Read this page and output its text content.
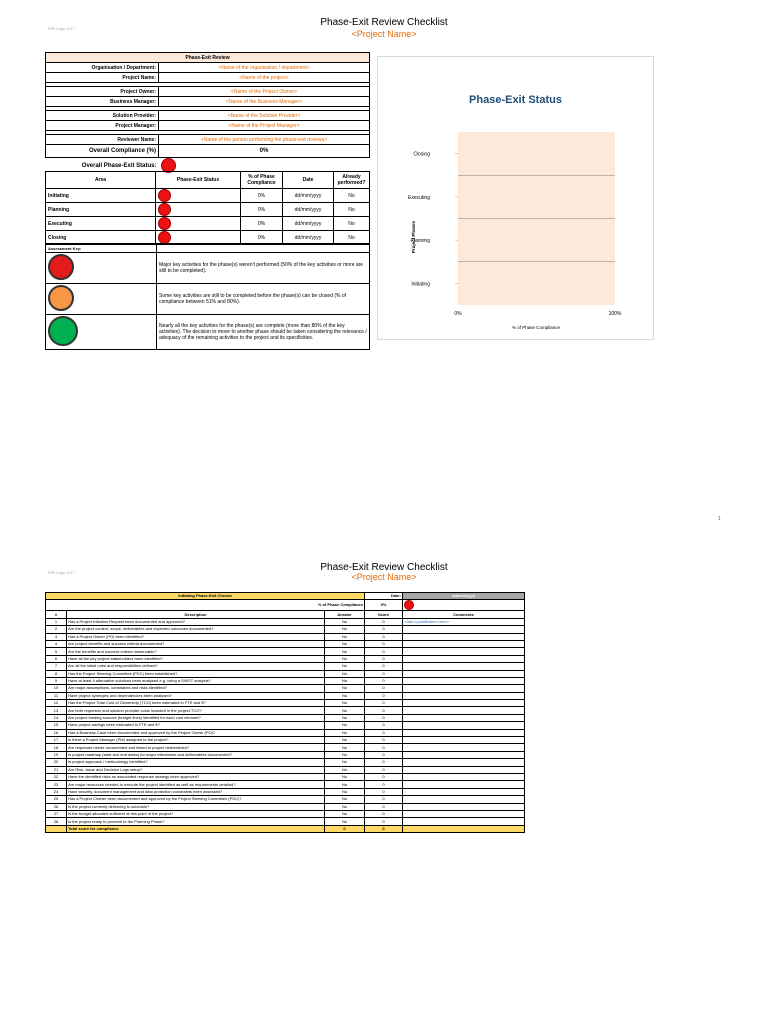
PMI Logo 2017
Phase-Exit Review Checklist
<Project Name>
Phase-Exit Review	
Organisation / Department:	<Name of the organisation / department>
Project Name:	<Name of the project>

Project Owner:	<Name of the Project Owner>
Business Manager:	<Name of the Business Manager>

Solution Provider:	<Name of the Solution Provider>
Project Manager:	<Name of the Project Manager>

Reviewer Name:	<Name of the person performing the phase-exit reviews>
Overall Compliance (%)	0%
Overall Phase-Exit Status:	
Area	Phase-Exit Status	% of Phase Compliance	Date	Already performed?
Initiating		0%	dd/mm/yyyy	No
Planning		0%	dd/mm/yyyy	No
Executing		0%	dd/mm/yyyy	No
Closing		0%	dd/mm/yyyy	No
Assessment Key:	
	Major key activities for the phase(s) weren't performed (50% of the key activities or more are still to be completed).
	Some key activities are still to be completed before the phase(s) can be closed (% of compliance between 51% and 80%).
	Nearly all the key activities for the phase(s) are complete (more than 80% of the key activities). The decision to move to another phase should be taken considering the relevance / adequacy of the remaining activities to the project and its specificities.
Phase-Exit Status
Closing
Executing
Planning
Initiating
0%	100%
Project Phases
% of Phase Compliance
1
PMI Logo 2017	Phase-Exit Review Checklist
<Project Name>
Initiating Phase-Exit Checks			Date:	dd/mm/yyyy
% of Phase Compliance			0%	
#	Description	Answer	Score	Comments
1	Has a Project Initiation Request been documented and approved?	No	0	<Add a justification here>
2	Are the project context, scope, deliverables and expected outcomes documented?	No	0	
3	Has a Project Owner (PO) been identified?	No	0	
4	Are project benefits and success criteria documented?	No	0	
5	Are the benefits and success criteria measurable?	No	0	
6	Have all the key project stakeholders been identified?	No	0	
7	Are all the initial roles and responsibilities defined?	No	0	
8	Has the Project Steering Committee (PSC) been established?	No	0	
9	Have at least 4 alternative solutions been analysed e.g. using a SWOT analysis?	No	0	
10	Are major assumptions, constraints and risks identified?	No	0	
11	Have project synergies and dependencies been analysed?	No	0	
12	Has the Project Total Cost of Ownership (TCO) been estimated in FTE and €?	No	0	
13	Are both requestor and solution provider costs included in the project TCO?	No	0	
14	Are project funding sources (budget lines) identified for each cost element?	No	0	
15	Have project savings been estimated in FTE and €?	No	0	
16	Has a Business Case been documented and approved by the Project Owner (PO)?	No	0	
17	Is there a Project Manager (PM) assigned to the project?	No	0	
18	Are requestor needs documented and linked to project deliverables?	No	0	
19	Is project roadmap (start and end dates) for major milestones and deliverables documented?	No	0	
20	Is project approach / methodology identified?	No	0	
21	Are Risk, Issue and Decision Logs setup?	No	0	
22	Have the identified risks an associated response strategy been approved?	No	0	
23	Are major resources needed to execute the project identified as well as requirements detailed?	No	0	
24	Have security, document management and data protection constraints been assessed?	No	0	
25	Has a Project Charter been documented and approved by the Project Steering Committee (PSC)?	No	0	
26	Is the project currently delivering to schedule?	No	0	
27	Is the budget allocated sufficient at this point of the project?	No	0	
28	Is the project ready to proceed to the Planning Phase?	No	0	
	Total score for compliance	0	0	
